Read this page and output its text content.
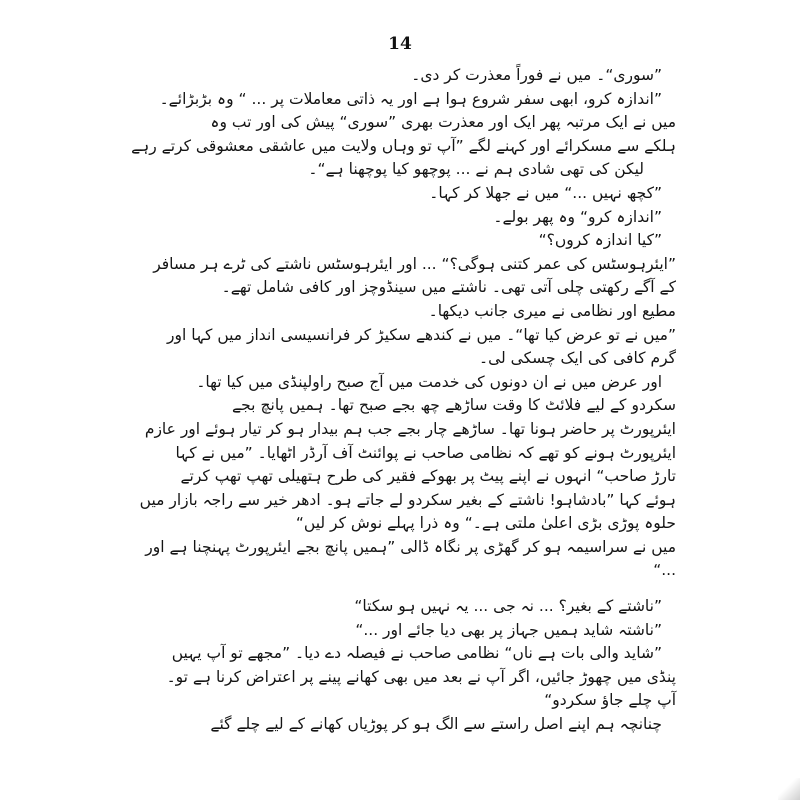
14
”سوری“۔ میں نے فوراً معذرت کر دی۔
”اندازہ کرو، ابھی سفر شروع ہوا ہے اور یہ ذاتی معاملات پر ... “ وہ بڑبڑائے۔
میں نے ایک مرتبہ پھر ایک اور معذرت بھری ”سوری“ پیش کی اور تب وہ
ہلکے سے مسکرائے اور کہنے لگے ”آپ تو وہاں ولایت میں عاشقی معشوقی کرتے رہے
لیکن کی تھی شادی ہم نے ... پوچھو کیا پوچھنا ہے“۔
”کچھ نہیں ...“ میں نے جھلا کر کہا۔
”اندازہ کرو“ وہ پھر بولے۔
”کیا اندازہ کروں؟“
”ایئرہوسٹس کی عمر کتنی ہوگی؟“ ... اور ایئرہوسٹس ناشتے کی ٹرے ہر مسافر
کے آگے رکھتی چلی آتی تھی۔ ناشتے میں سینڈوچز اور کافی شامل تھے۔
مطیع اور نظامی نے میری جانب دیکھا۔
”میں نے تو عرض کیا تھا“۔ میں نے کندھے سکیڑ کر فرانسیسی انداز میں کہا اور
گرم کافی کی ایک چسکی لی۔
اور عرض میں نے ان دونوں کی خدمت میں آج صبح راولپنڈی میں کیا تھا۔
سکردو کے لیے فلائٹ کا وقت ساڑھے چھ بجے صبح تھا۔ ہمیں پانچ بجے
ایئرپورٹ پر حاضر ہونا تھا۔ ساڑھے چار بجے جب ہم بیدار ہو کر تیار ہوئے اور عازم
ایئرپورٹ ہونے کو تھے کہ نظامی صاحب نے پوائنٹ آف آرڈر اٹھایا۔ ”میں نے کہا
تارڑ صاحب“ انہوں نے اپنے پیٹ پر بھوکے فقیر کی طرح ہتھیلی تھپ تھپ کرتے
ہوئے کہا ”بادشاہو! ناشتے کے بغیر سکردو لے جاتے ہو۔ ادھر خیر سے راجہ بازار میں
حلوہ پوڑی بڑی اعلیٰ ملتی ہے۔“ وہ ذرا پہلے نوش کر لیں“
میں نے سراسیمہ ہو کر گھڑی پر نگاہ ڈالی ”ہمیں پانچ بجے ایئرپورٹ پہنچنا ہے اور
...“
”ناشتے کے بغیر؟ ... نہ جی ... یہ نہیں ہو سکتا“
”ناشتہ شاید ہمیں جہاز پر بھی دیا جائے اور ...“
”شاید والی بات ہے ناں“ نظامی صاحب نے فیصلہ دے دیا۔ ”مجھے تو آپ یہیں
پنڈی میں چھوڑ جائیں، اگر آپ نے بعد میں بھی کھانے پینے پر اعتراض کرنا ہے تو۔
آپ چلے جاؤ سکردو“
چنانچہ ہم اپنے اصل راستے سے الگ ہو کر پوڑیاں کھانے کے لیے چلے گئے
